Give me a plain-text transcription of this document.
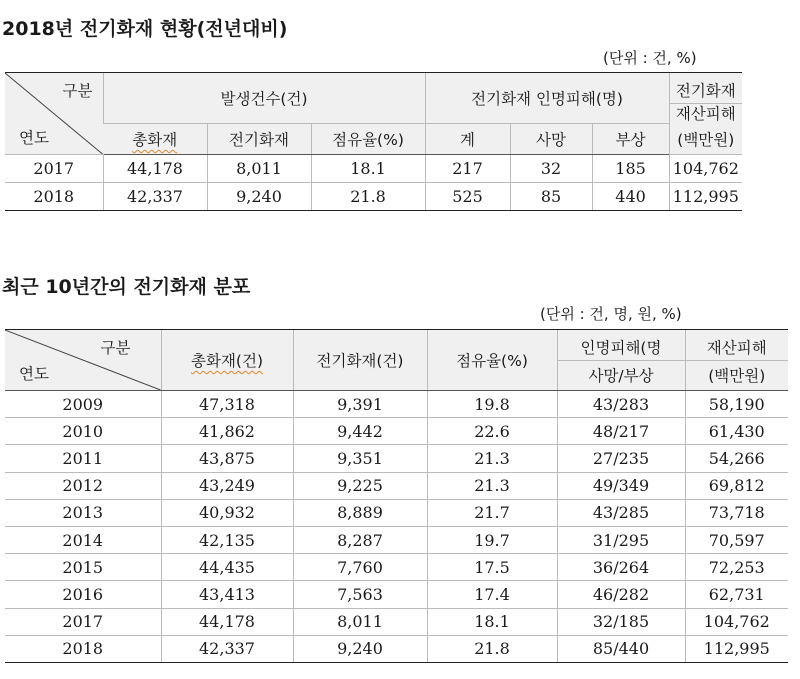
2018년 전기화재 현황(전년대비)
(단위 : 건, %)
구분
연도	발생건수(건)			전기화재 인명피해(명)			전기화재
재산피해
(백만원)

	총화재	전기화재	점유율(%)	계	사망	부상	
2017	44,178	8,011	18.1	217	32	185	104,762
2018	42,337	9,240	21.8	525	85	440	112,995
최근 10년간의 전기화재 분포
(단위 : 건, 명, 원, %)
구분
연도	총화재(건)	전기화재(건)	점유율(%)	인명피해(명
사망/부상	재산피해
(백만원)

2009	47,318	9,391	19.8	43/283	58,190
2010	41,862	9,442	22.6	48/217	61,430
2011	43,875	9,351	21.3	27/235	54,266
2012	43,249	9,225	21.3	49/349	69,812
2013	40,932	8,889	21.7	43/285	73,718
2014	42,135	8,287	19.7	31/295	70,597
2015	44,435	7,760	17.5	36/264	72,253
2016	43,413	7,563	17.4	46/282	62,731
2017	44,178	8,011	18.1	32/185	104,762
2018	42,337	9,240	21.8	85/440	112,995
